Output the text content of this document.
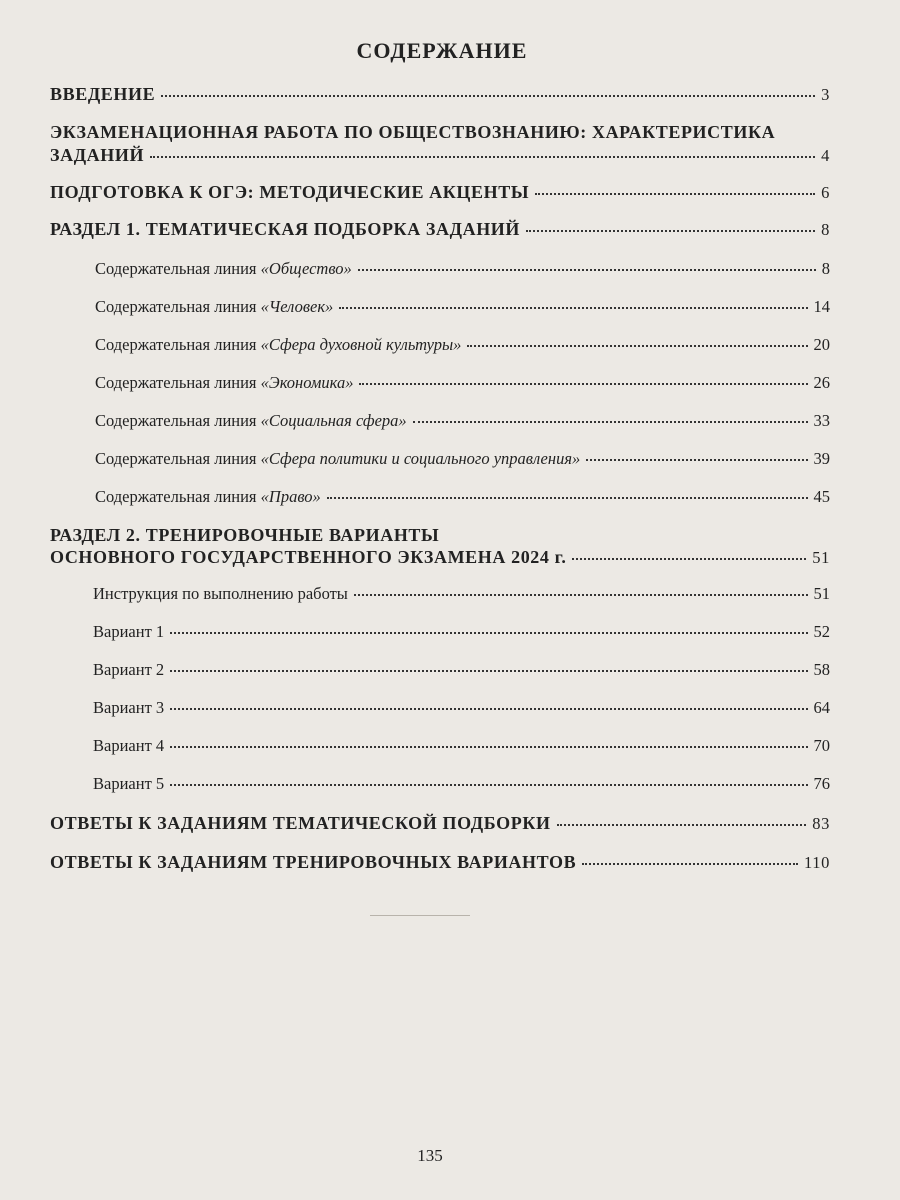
СОДЕРЖАНИЕ
ВВЕДЕНИЕ	3
ЭКЗАМЕНАЦИОННАЯ РАБОТА ПО ОБЩЕСТВОЗНАНИЮ: ХАРАКТЕРИСТИКА
ЗАДАНИЙ	4
ПОДГОТОВКА К ОГЭ: МЕТОДИЧЕСКИЕ АКЦЕНТЫ	6
РАЗДЕЛ 1. ТЕМАТИЧЕСКАЯ ПОДБОРКА ЗАДАНИЙ	8
Содержательная линия «Общество»	8
Содержательная линия «Человек»	14
Содержательная линия «Сфера духовной культуры»	20
Содержательная линия «Экономика»	26
Содержательная линия «Социальная сфера»	33
Содержательная линия «Сфера политики и социального управления»	39
Содержательная линия «Право»	45
РАЗДЕЛ 2. ТРЕНИРОВОЧНЫЕ ВАРИАНТЫ
ОСНОВНОГО ГОСУДАРСТВЕННОГО ЭКЗАМЕНА 2024 г.	51
Инструкция по выполнению работы	51
Вариант 1	52
Вариант 2	58
Вариант 3	64
Вариант 4	70
Вариант 5	76
ОТВЕТЫ К ЗАДАНИЯМ ТЕМАТИЧЕСКОЙ ПОДБОРКИ	83
ОТВЕТЫ К ЗАДАНИЯМ ТРЕНИРОВОЧНЫХ ВАРИАНТОВ	110
135
